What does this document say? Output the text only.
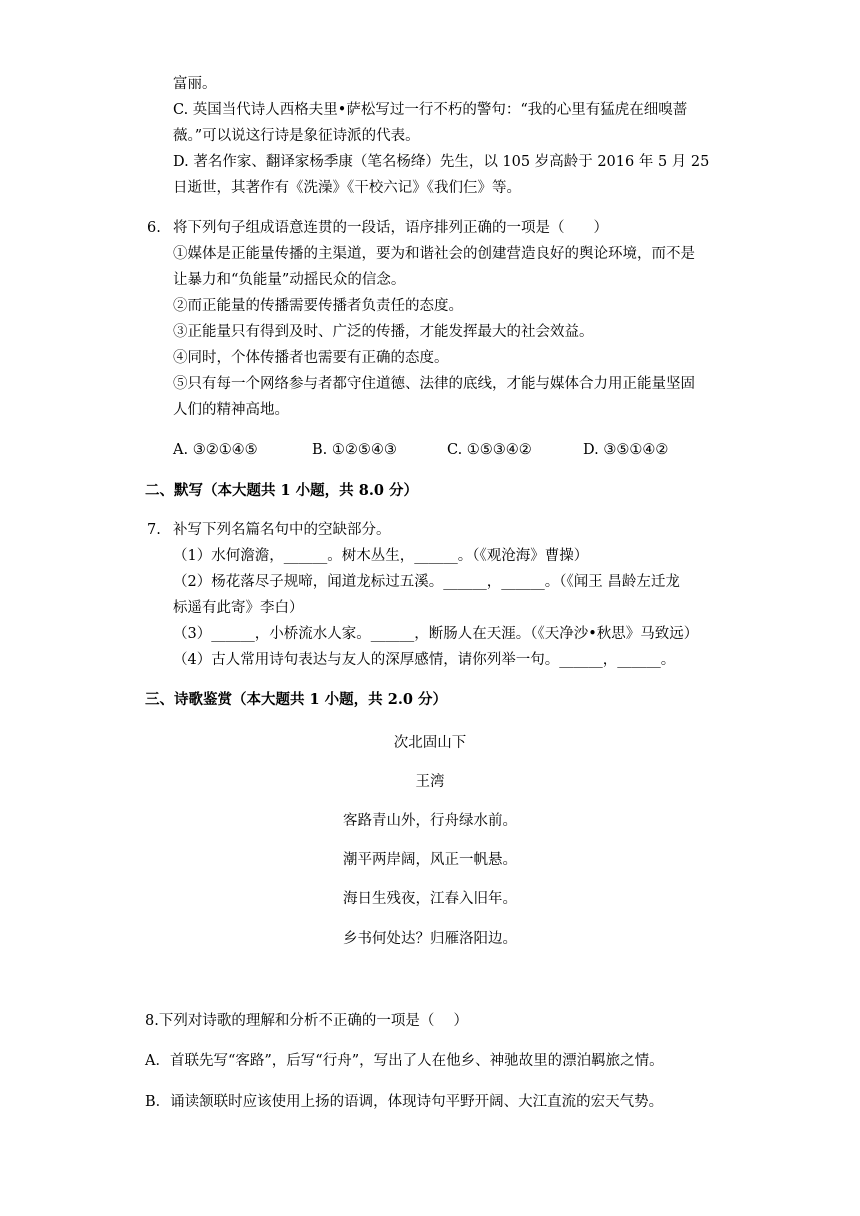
富丽。
C. 英国当代诗人西格夫里•萨松写过一行不朽的警句：“我的心里有猛虎在细嗅蔷
薇。”可以说这行诗是象征诗派的代表。
D. 著名作家、翻译家杨季康（笔名杨绛）先生，以 105 岁高龄于 2016 年 5 月 25
日逝世，其著作有《洗澡》《干校六记》《我们仨》等。
6. 将下列句子组成语意连贯的一段话，语序排列正确的一项是（　　）
①媒体是正能量传播的主渠道，要为和谐社会的创建营造良好的舆论环境，而不是
让暴力和“负能量”动摇民众的信念。
②而正能量的传播需要传播者负责任的态度。
③正能量只有得到及时、广泛的传播，才能发挥最大的社会效益。
④同时，个体传播者也需要有正确的态度。
⑤只有每一个网络参与者都守住道德、法律的底线，才能与媒体合力用正能量坚固
人们的精神高地。
A. ③②①④⑤	B. ①②⑤④③	C. ①⑤③④②	D. ③⑤①④②
二、默写（本大题共 1 小题，共 8.0 分）
7. 补写下列名篇名句中的空缺部分。
（1）水何澹澹，______。树木丛生，______。（《观沧海》曹操）
（2）杨花落尽子规啼，闻道龙标过五溪。______，______。（《闻王 昌龄左迁龙
标遥有此寄》李白）
（3）______，小桥流水人家。______，断肠人在天涯。（《天净沙•秋思》马致远）
（4）古人常用诗句表达与友人的深厚感情，请你列举一句。______，______。
三、诗歌鉴赏（本大题共 1 小题，共 2.0 分）
次北固山下
王湾
客路青山外，行舟绿水前。
潮平两岸阔，风正一帆悬。
海日生残夜，江春入旧年。
乡书何处达？归雁洛阳边。
8.下列对诗歌的理解和分析不正确的一项是（　 ）
A．首联先写“客路”，后写“行舟”，写出了人在他乡、神驰故里的漂泊羁旅之情。
B．诵读颔联时应该使用上扬的语调，体现诗句平野开阔、大江直流的宏天气势。
